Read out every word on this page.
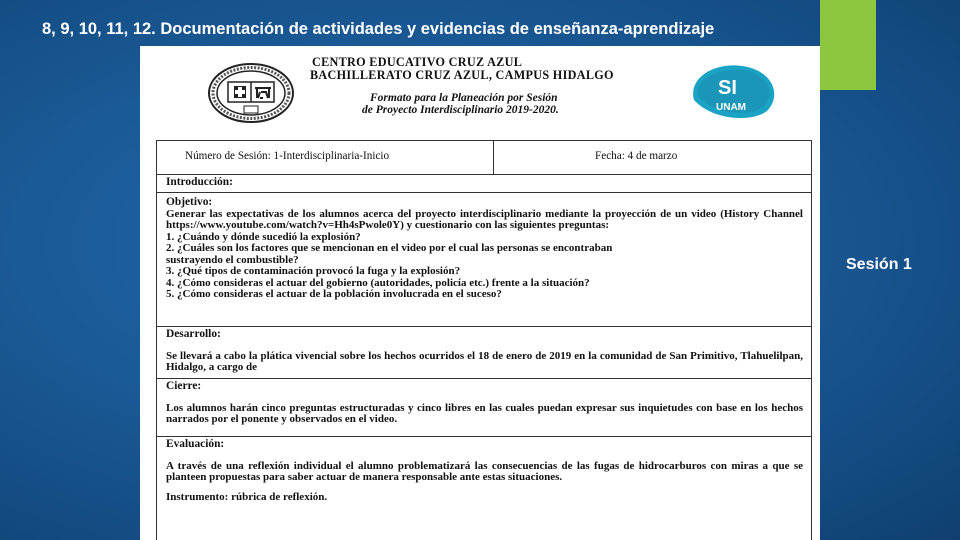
8, 9, 10, 11, 12. Documentación de actividades y evidencias de enseñanza-aprendizaje
Sesión 1
CENTRO EDUCATIVO CRUZ AZUL
BACHILLERATO CRUZ AZUL, CAMPUS HIDALGO
Formato para la Planeación por Sesión
de Proyecto Interdisciplinario 2019-2020.
SI
UNAM
Número de Sesión: 1-Interdisciplinaria-Inicio	Fecha: 4 de marzo
Introducción:
Objetivo:

Generar las expectativas de los alumnos acerca del proyecto interdisciplinario mediante la proyección de un video (History Channel https://www.youtube.com/watch?v=Hh4sPwole0Y) y cuestionario con las siguientes preguntas:

1. ¿Cuándo y dónde sucedió la explosión?
2. ¿Cuáles son los factores que se mencionan en el video por el cual las personas se encontraban
sustrayendo el combustible?
3. ¿Qué tipos de contaminación provocó la fuga y la explosión?
4. ¿Cómo consideras el actuar del gobierno (autoridades, policía etc.) frente a la situación?
5. ¿Cómo consideras el actuar de la población involucrada en el suceso?
Desarrollo:

Se llevará a cabo la plática vivencial sobre los hechos ocurridos el 18 de enero de 2019 en la comunidad de San Primitivo, Tlahuelilpan, Hidalgo, a cargo de

Cierre:

Los alumnos harán cinco preguntas estructuradas y cinco libres en las cuales puedan expresar sus inquietudes con base en los hechos narrados por el ponente y observados en el video.

Evaluación:

A través de una reflexión individual el alumno problematizará las consecuencias de las fugas de hidrocarburos con miras a que se planteen propuestas para saber actuar de manera responsable ante estas situaciones.

Instrumento: rúbrica de reflexión.
